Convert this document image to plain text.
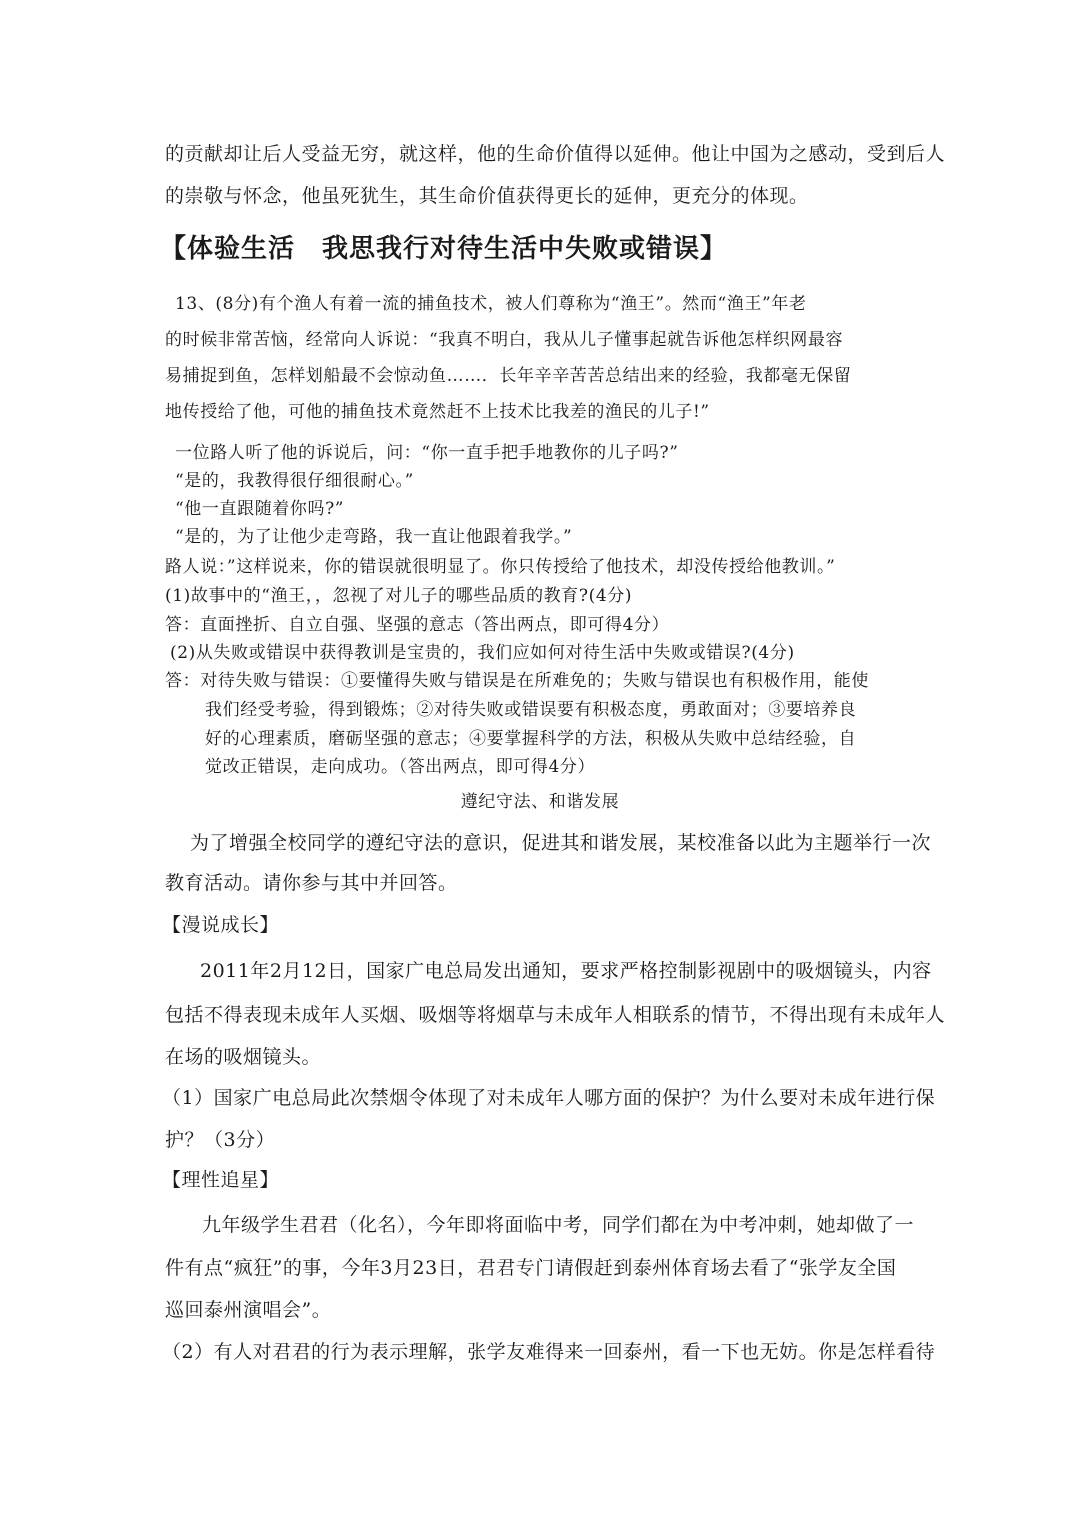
的贡献却让后人受益无穷，就这样，他的生命价值得以延伸。他让中国为之感动，受到后人

的崇敬与怀念，他虽死犹生，其生命价值获得更长的延伸，更充分的体现。

【体验生活　我思我行对待生活中失败或错误】

13、(8分)有个渔人有着一流的捕鱼技术，被人们尊称为“渔王”。然而“渔王”年老

的时候非常苦恼，经常向人诉说：“我真不明白，我从儿子懂事起就告诉他怎样织网最容

易捕捉到鱼，怎样划船最不会惊动鱼……．长年辛辛苦苦总结出来的经验，我都毫无保留

地传授给了他，可他的捕鱼技术竟然赶不上技术比我差的渔民的儿子!”

一位路人听了他的诉说后，问：“你一直手把手地教你的儿子吗?”

“是的，我教得很仔细很耐心。”

“他一直跟随着你吗?”

“是的，为了让他少走弯路，我一直让他跟着我学。”

路人说：”这样说来，你的错误就很明显了。你只传授给了他技术，却没传授给他教训。”

(1)故事中的“渔王，，忽视了对儿子的哪些品质的教育?(4分)

答：直面挫折、自立自强、坚强的意志（答出两点，即可得4分）

(2)从失败或错误中获得教训是宝贵的，我们应如何对待生活中失败或错误?(4分)

答：对待失败与错误：①要懂得失败与错误是在所难免的；失败与错误也有积极作用，能使

我们经受考验，得到锻炼；②对待失败或错误要有积极态度，勇敢面对；③要培养良

好的心理素质，磨砺坚强的意志；④要掌握科学的方法，积极从失败中总结经验，自

觉改正错误，走向成功。（答出两点，即可得4分）

遵纪守法、和谐发展

为了增强全校同学的遵纪守法的意识，促进其和谐发展，某校准备以此为主题举行一次

教育活动。请你参与其中并回答。

【漫说成长】

2011年2月12日，国家广电总局发出通知，要求严格控制影视剧中的吸烟镜头，内容

包括不得表现未成年人买烟、吸烟等将烟草与未成年人相联系的情节，不得出现有未成年人

在场的吸烟镜头。

（1）国家广电总局此次禁烟令体现了对未成年人哪方面的保护？为什么要对未成年进行保

护？（3分）

【理性追星】

九年级学生君君（化名），今年即将面临中考，同学们都在为中考冲刺，她却做了一

件有点“疯狂”的事，今年3月23日，君君专门请假赶到泰州体育场去看了“张学友全国

巡回泰州演唱会”。

（2）有人对君君的行为表示理解，张学友难得来一回泰州，看一下也无妨。你是怎样看待
